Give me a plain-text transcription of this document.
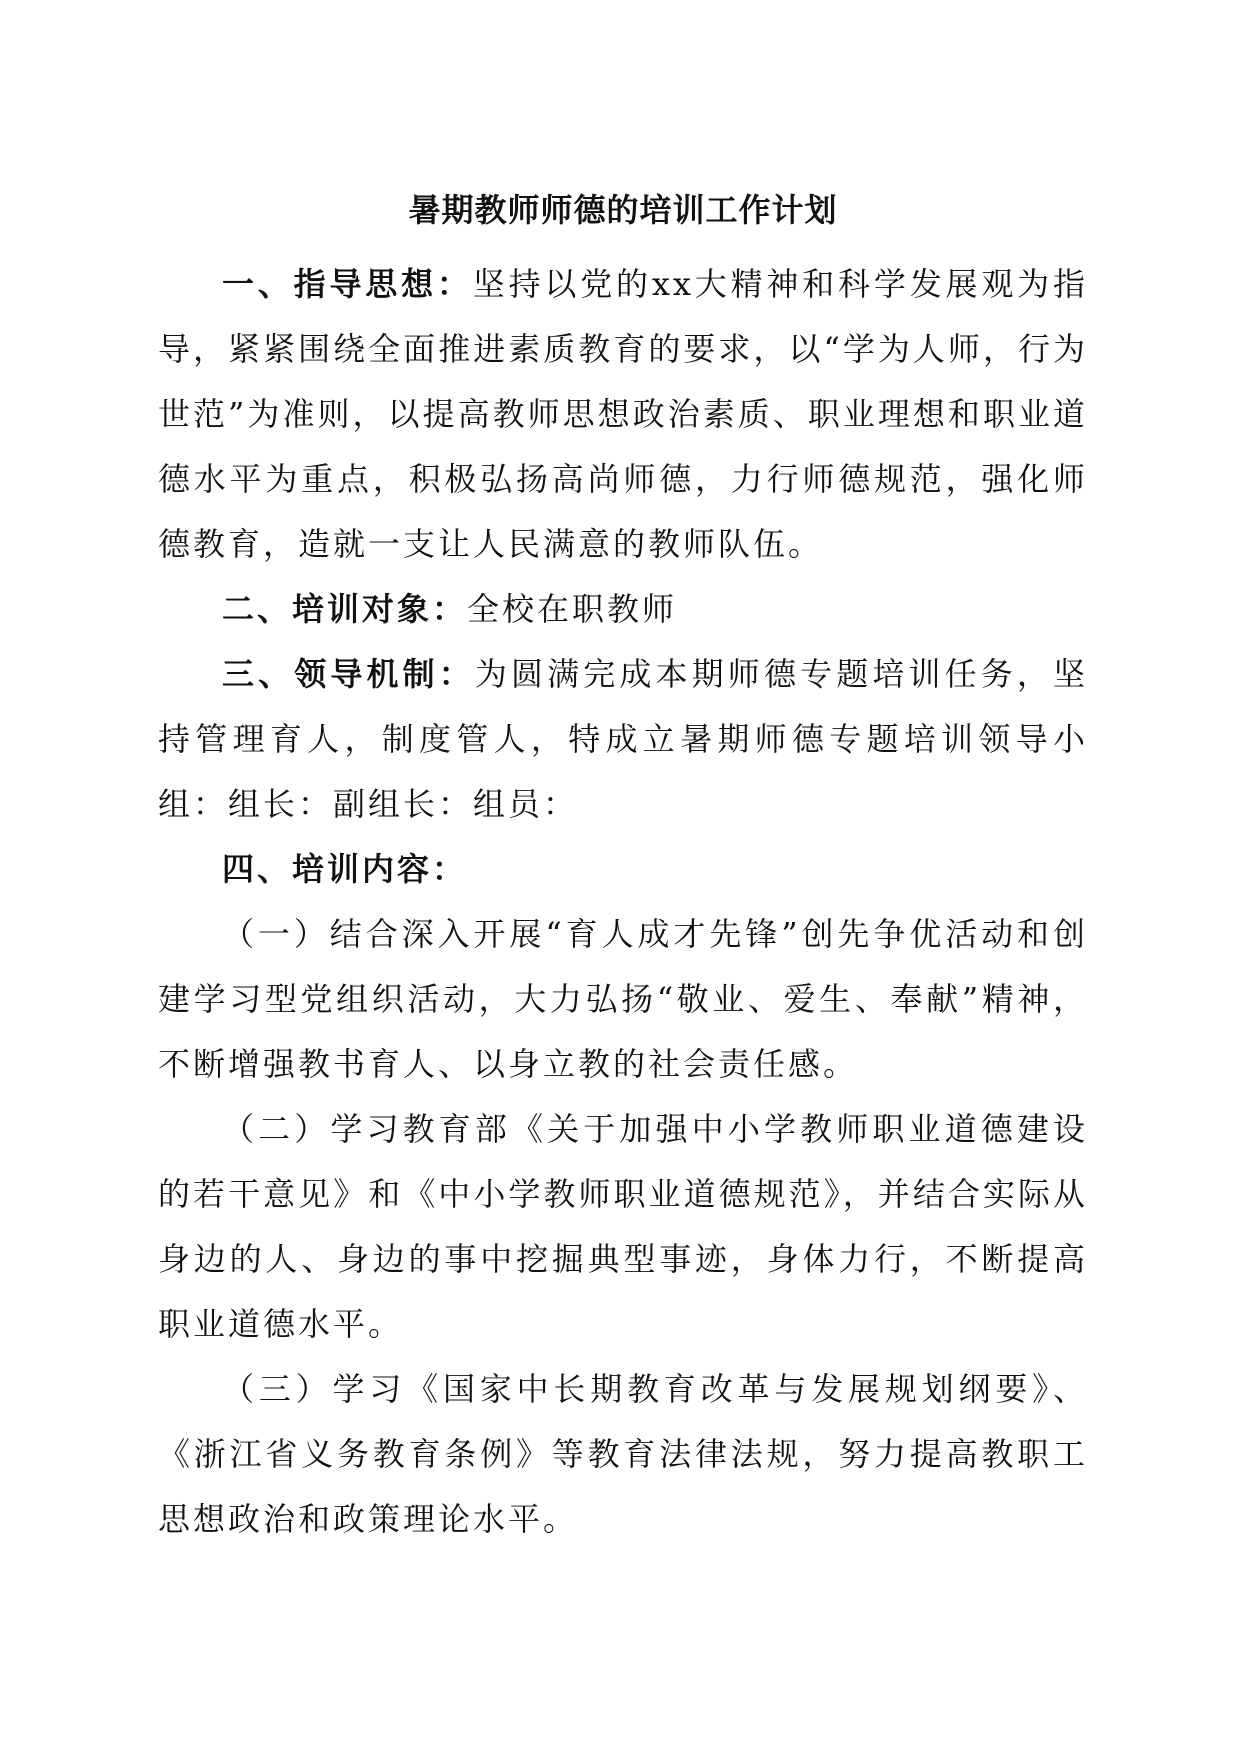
暑期教师师德的培训工作计划

一、指导思想：坚持以党的xx大精神和科学发展观为指导，紧紧围绕全面推进素质教育的要求，以“学为人师，行为世范”为准则，以提高教师思想政治素质、职业理想和职业道德水平为重点，积极弘扬高尚师德，力行师德规范，强化师德教育，造就一支让人民满意的教师队伍。

二、培训对象：全校在职教师

三、领导机制：为圆满完成本期师德专题培训任务，坚持管理育人，制度管人，特成立暑期师德专题培训领导小组：组长：副组长：组员：

四、培训内容：

（一）结合深入开展“育人成才先锋”创先争优活动和创建学习型党组织活动，大力弘扬“敬业、爱生、奉献”精神，不断增强教书育人、以身立教的社会责任感。

（二）学习教育部《关于加强中小学教师职业道德建设的若干意见》和《中小学教师职业道德规范》，并结合实际从身边的人、身边的事中挖掘典型事迹，身体力行，不断提高职业道德水平。

（三）学习《国家中长期教育改革与发展规划纲要》、《浙江省义务教育条例》等教育法律法规，努力提高教职工思想政治和政策理论水平。
